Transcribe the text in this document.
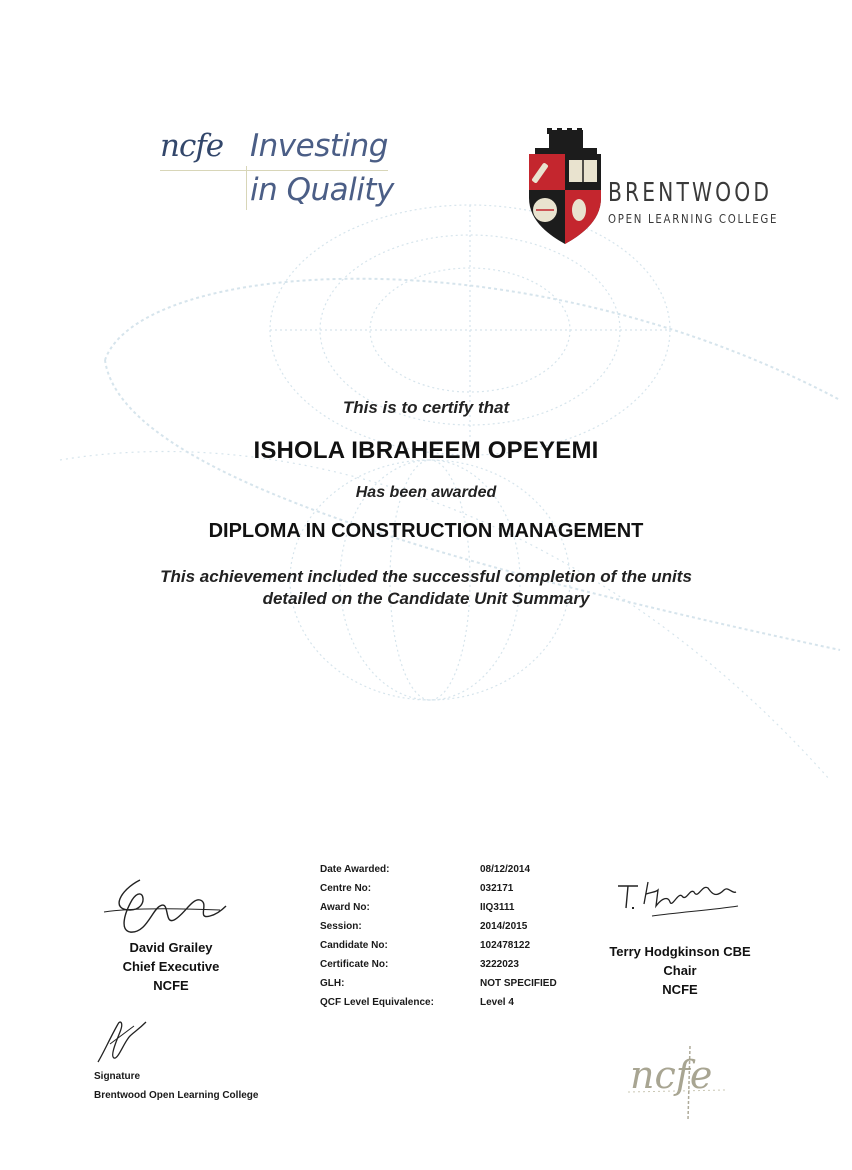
ncfe Investing
in Quality	BRENTWOOD
OPEN LEARNING COLLEGE
This is to certify that
ISHOLA IBRAHEEM OPEYEMI
Has been awarded
DIPLOMA IN CONSTRUCTION MANAGEMENT
This achievement included the successful completion of the units
detailed on the Candidate Unit Summary
David Grailey
Chief Executive
NCFE
Date Awarded:	08/12/2014
Centre No:	032171
Award No:	IIQ3111
Session:	2014/2015
Candidate No:	102478122
Certificate No:	3222023
GLH:	NOT SPECIFIED
QCF Level Equivalence:	Level 4
Terry Hodgkinson CBE
Chair
NCFE
Signature
Brentwood Open Learning College	ncfe
